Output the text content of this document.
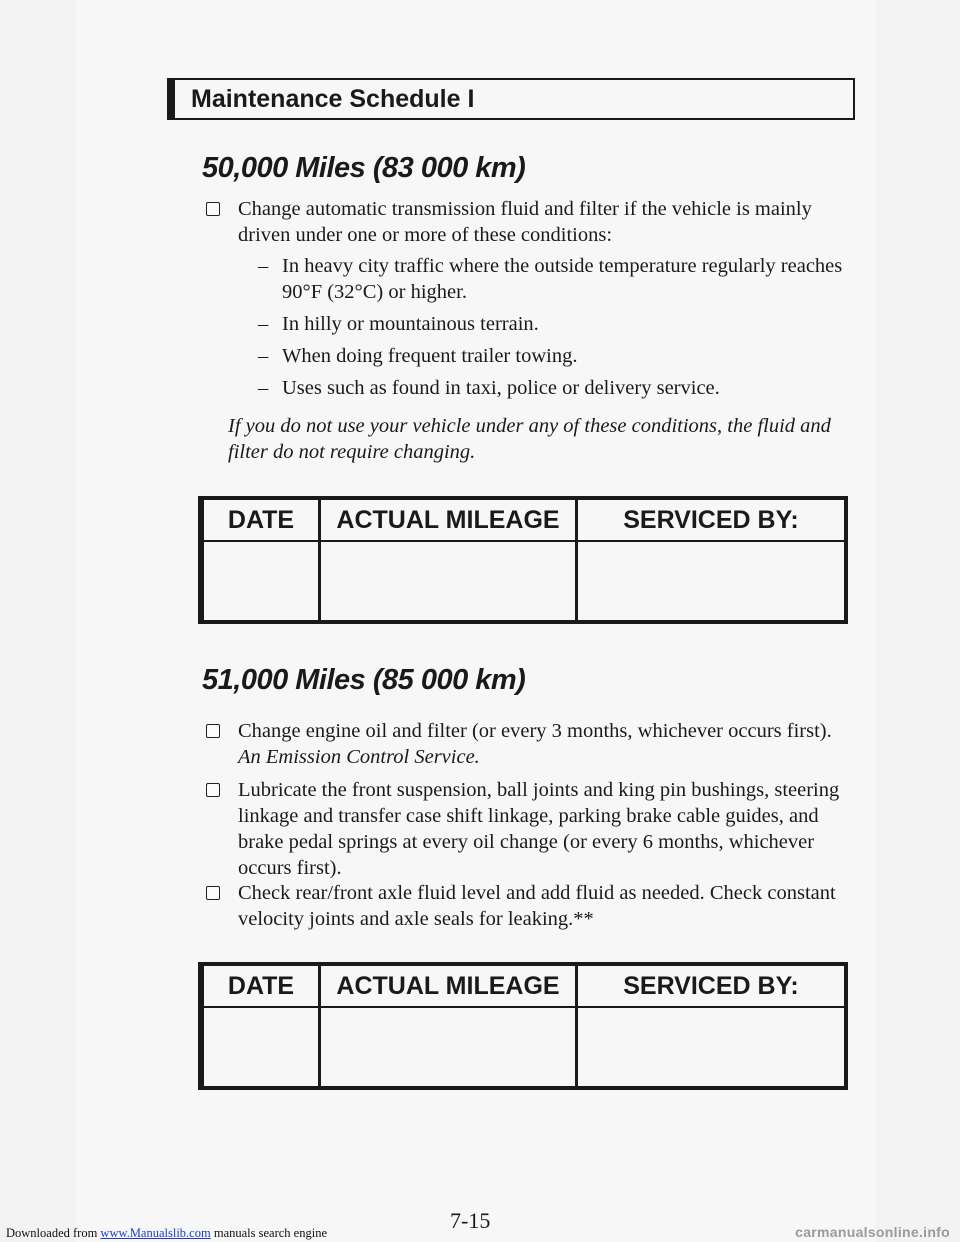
Maintenance Schedule I
50,000 Miles (83 000 km)
Change automatic transmission fluid and filter if the vehicle is mainly driven under one or more of these conditions:
– In heavy city traffic where the outside temperature regularly reaches 90°F (32°C) or higher.
– In hilly or mountainous terrain.
– When doing frequent trailer towing.
– Uses such as found in taxi, police or delivery service.
If you do not use your vehicle under any of these conditions, the fluid and filter do not require changing.
DATE	ACTUAL MILEAGE	SERVICED BY:
51,000 Miles (85 000 km)
Change engine oil and filter (or every 3 months, whichever occurs first). An Emission Control Service.
Lubricate the front suspension, ball joints and king pin bushings, steering linkage and transfer case shift linkage, parking brake cable guides, and brake pedal springs at every oil change (or every 6 months, whichever occurs first).
Check rear/front axle fluid level and add fluid as needed. Check constant velocity joints and axle seals for leaking.**
DATE	ACTUAL MILEAGE	SERVICED BY:
7-15
Downloaded from www.Manualslib.com manuals search engine	carmanualsonline.info
